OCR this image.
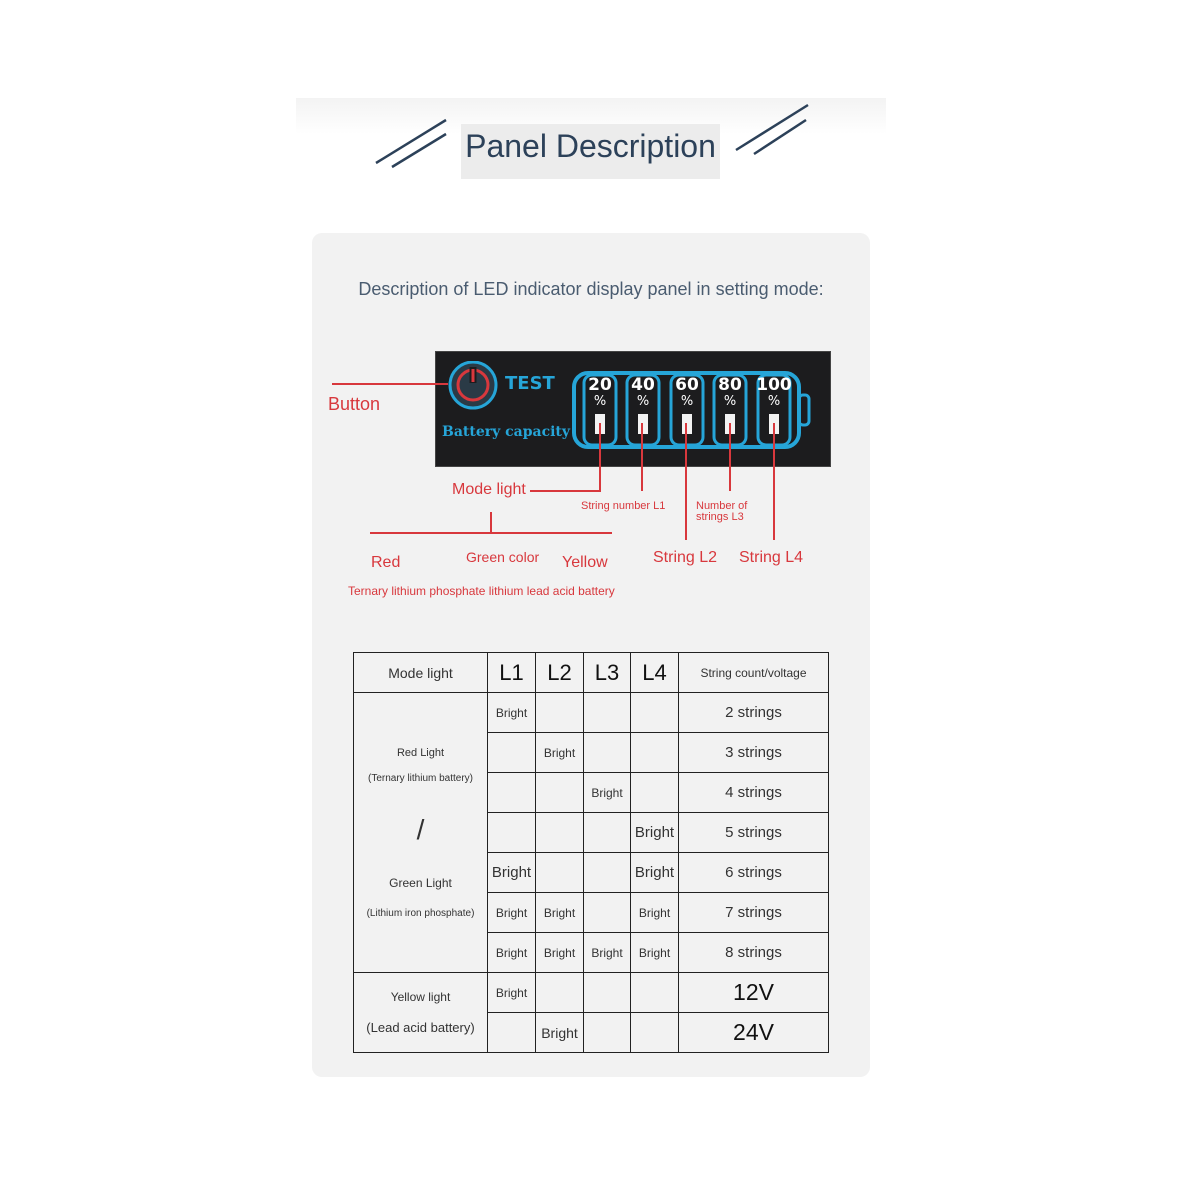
Panel Description
Description of LED indicator display panel in setting mode:
TEST
Battery capacity
20	40	60	80 100
%	%	%	%	%
Button
Mode light
String number L1	Number of
strings L3
String L2 String L4
Red	Green color Yellow
Ternary lithium phosphate lithium lead acid battery
Mode light	L1	L2	L3	L4	String count/voltage

Red Light
(Ternary lithium battery)
/
Green Light
(Lithium iron phosphate)	Bright				2 strings
		Bright			3 strings
			Bright		4 strings
				Bright	5 strings
	Bright			Bright	6 strings
	Bright	Bright		Bright	7 strings
	Bright	Bright	Bright	Bright	8 strings

Yellow light
(Lead acid battery)	Bright				12V
		Bright			24V
